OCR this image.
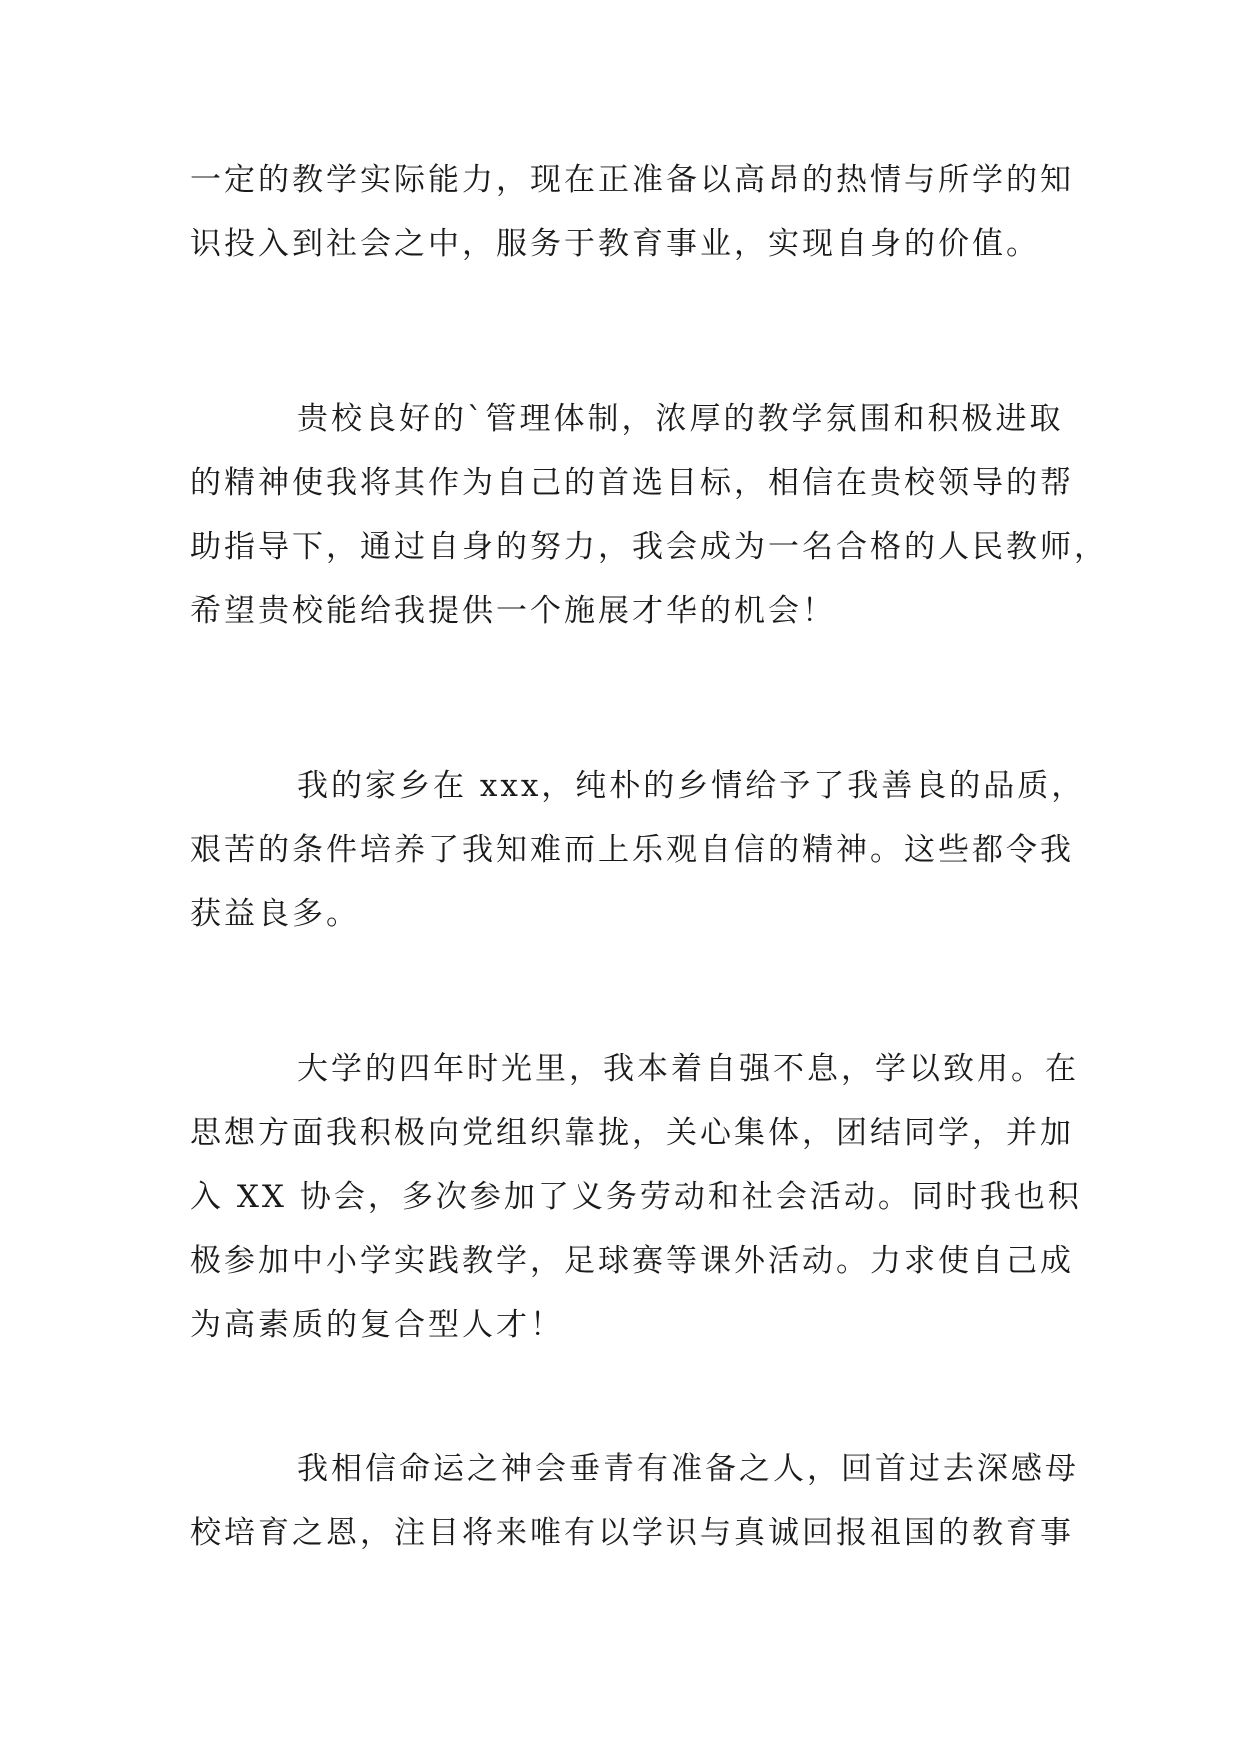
一定的教学实际能力，现在正准备以高昂的热情与所学的知
识投入到社会之中，服务于教育事业，实现自身的价值。

贵校良好的`管理体制，浓厚的教学氛围和积极进取
的精神使我将其作为自己的首选目标，相信在贵校领导的帮
助指导下，通过自身的努力，我会成为一名合格的人民教师，
希望贵校能给我提供一个施展才华的机会！

我的家乡在 xxx，纯朴的乡情给予了我善良的品质，
艰苦的条件培养了我知难而上乐观自信的精神。这些都令我
获益良多。

大学的四年时光里，我本着自强不息，学以致用。在
思想方面我积极向党组织靠拢，关心集体，团结同学，并加
入 XX 协会，多次参加了义务劳动和社会活动。同时我也积
极参加中小学实践教学，足球赛等课外活动。力求使自己成
为高素质的复合型人才！

我相信命运之神会垂青有准备之人，回首过去深感母
校培育之恩，注目将来唯有以学识与真诚回报祖国的教育事
